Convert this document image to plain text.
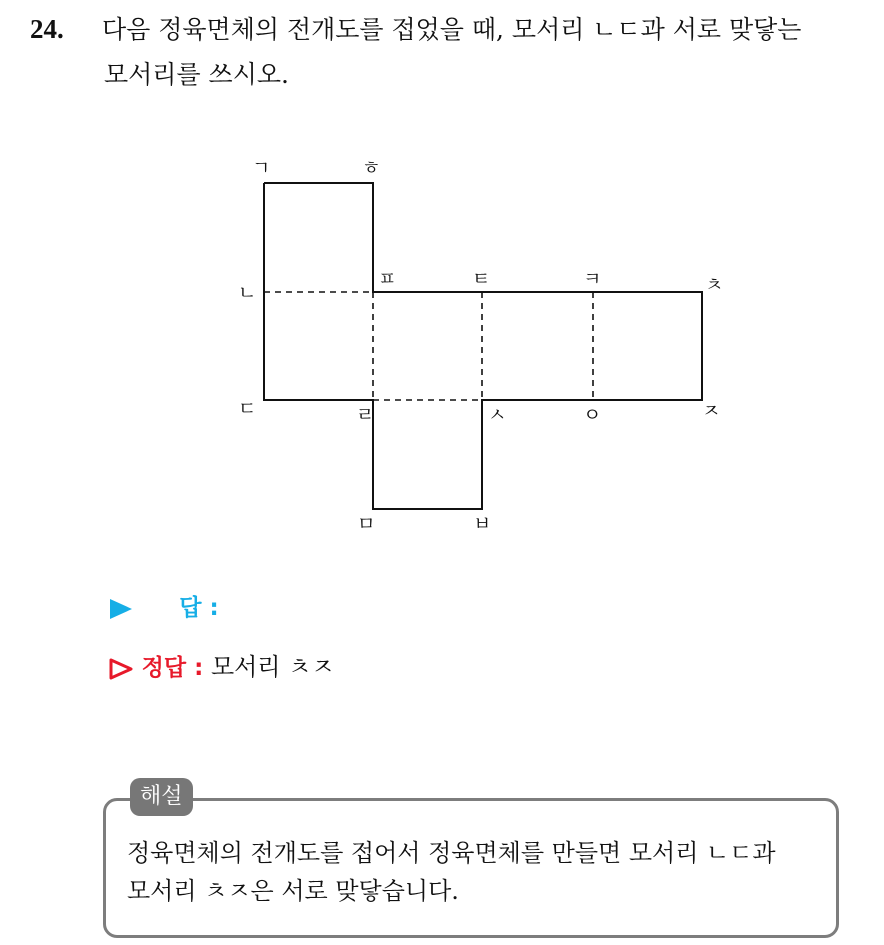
24. 다음 정육면체의 전개도를 접었을 때, 모서리 ㄴㄷ과 서로 맞닿는
모서리를 쓰시오.
ㄱ	ㅎ
ㄴ
ㅍ	ㅌ	ㅋ	ㅊ
ㄷ	ㄹ	ㅅ	ㅇ	ㅈ
ㅁ	ㅂ
답 :
정답 : 모서리 ㅊㅈ
해설
정육면체의 전개도를 접어서 정육면체를 만들면 모서리 ㄴㄷ과
모서리 ㅊㅈ은 서로 맞닿습니다.
